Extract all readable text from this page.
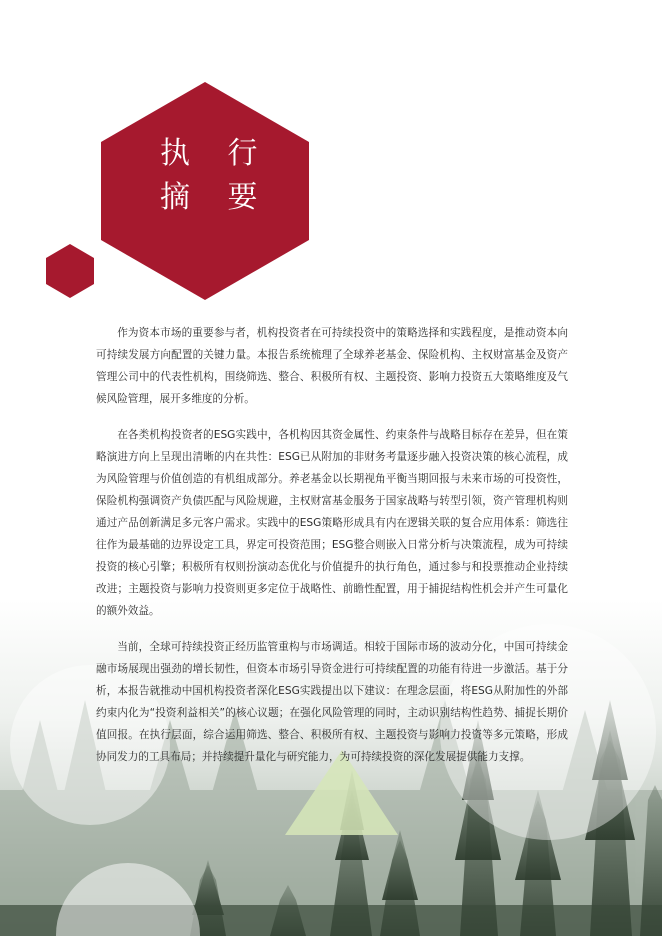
执 行
摘 要

作为资本市场的重要参与者，机构投资者在可持续投资中的策略选择和实践程度，是推动资本向可持续发展方向配置的关键力量。本报告系统梳理了全球养老基金、保险机构、主权财富基金及资产管理公司中的代表性机构，围绕筛选、整合、积极所有权、主题投资、影响力投资五大策略维度及气候风险管理，展开多维度的分析。

在各类机构投资者的ESG实践中，各机构因其资金属性、约束条件与战略目标存在差异，但在策略演进方向上呈现出清晰的内在共性：ESG已从附加的非财务考量逐步融入投资决策的核心流程，成为风险管理与价值创造的有机组成部分。养老基金以长期视角平衡当期回报与未来市场的可投资性，保险机构强调资产负债匹配与风险规避，主权财富基金服务于国家战略与转型引领，资产管理机构则通过产品创新满足多元客户需求。实践中的ESG策略形成具有内在逻辑关联的复合应用体系：筛选往往作为最基础的边界设定工具，界定可投资范围；ESG整合则嵌入日常分析与决策流程，成为可持续投资的核心引擎；积极所有权则扮演动态优化与价值提升的执行角色，通过参与和投票推动企业持续改进；主题投资与影响力投资则更多定位于战略性、前瞻性配置，用于捕捉结构性机会并产生可量化的额外效益。

当前，全球可持续投资正经历监管重构与市场调适。相较于国际市场的波动分化，中国可持续金融市场展现出强劲的增长韧性，但资本市场引导资金进行可持续配置的功能有待进一步激活。基于分析，本报告就推动中国机构投资者深化ESG实践提出以下建议：在理念层面，将ESG从附加性的外部约束内化为“投资利益相关”的核心议题；在强化风险管理的同时，主动识别结构性趋势、捕捉长期价值回报。在执行层面，综合运用筛选、整合、积极所有权、主题投资与影响力投资等多元策略，形成协同发力的工具布局；并持续提升量化与研究能力，为可持续投资的深化发展提供能力支撑。
